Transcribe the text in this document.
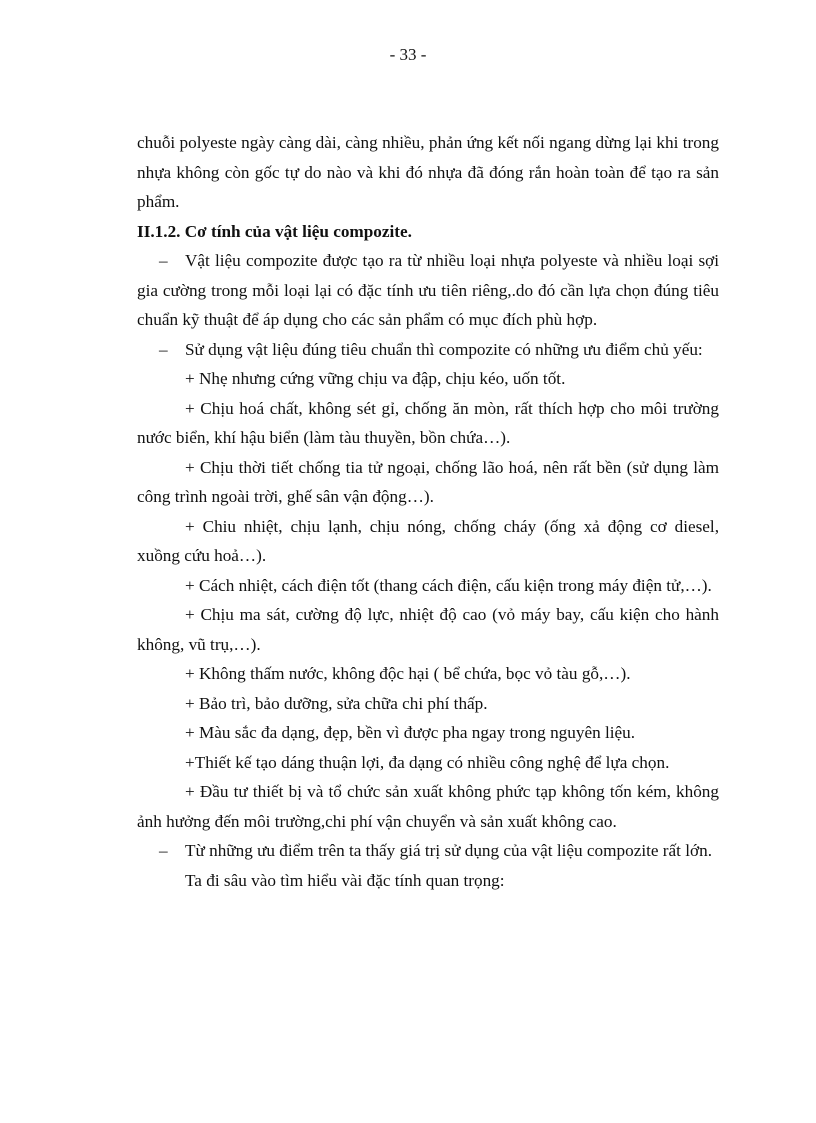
- 33 -

chuỗi polyeste ngày càng dài, càng nhiều, phản ứng kết nối ngang dừng lại khi trong nhựa không còn gốc tự do nào và khi đó nhựa đã đóng rắn hoàn toàn để tạo ra sản phẩm.

II.1.2. Cơ tính của vật liệu compozite.

– Vật liệu compozite được tạo ra từ nhiều loại nhựa polyeste và nhiều loại sợi gia cường trong mỗi loại lại có đặc tính ưu tiên riêng,.do đó cần lựa chọn đúng tiêu chuẩn kỹ thuật để áp dụng cho các sản phẩm có mục đích phù hợp.

– Sử dụng vật liệu đúng tiêu chuẩn thì compozite có những ưu điểm chủ yếu:

+ Nhẹ nhưng cứng vững chịu va đập, chịu kéo, uốn tốt.

+ Chịu hoá chất, không sét gỉ, chống ăn mòn, rất thích hợp cho môi trường nước biển, khí hậu biển (làm tàu thuyền, bồn chứa…).

+ Chịu thời tiết chống tia tử ngoại, chống lão hoá, nên rất bền (sử dụng làm công trình ngoài trời, ghế sân vận động…).

+ Chiu nhiệt, chịu lạnh, chịu nóng, chống cháy (ống xả động cơ diesel, xuồng cứu hoả…).

+ Cách nhiệt, cách điện tốt (thang cách điện, cấu kiện trong máy điện tử,…).

+ Chịu ma sát, cường độ lực, nhiệt độ cao (vỏ máy bay, cấu kiện cho hành không, vũ trụ,…).

+ Không thấm nước, không độc hại ( bể chứa, bọc vỏ tàu gỗ,…).

+ Bảo trì, bảo dưỡng, sửa chữa chi phí thấp.

+ Màu sắc đa dạng, đẹp, bền vì được pha ngay trong nguyên liệu.

+Thiết kế tạo dáng thuận lợi, đa dạng có nhiều công nghệ để lựa chọn.

+ Đầu tư thiết bị và tổ chức sản xuất không phức tạp không tốn kém, không ảnh hưởng đến môi trường,chi phí vận chuyển và sản xuất không cao.

– Từ những ưu điểm trên ta thấy giá trị sử dụng của vật liệu compozite rất lớn.

Ta đi sâu vào tìm hiểu vài đặc tính quan trọng:
